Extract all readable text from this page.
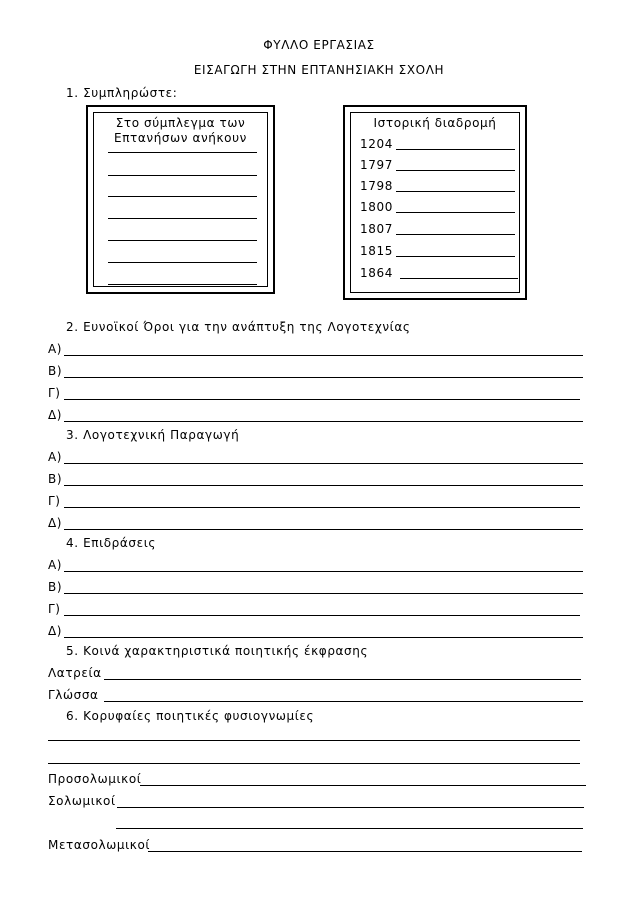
ΦΥΛΛΟ ΕΡΓΑΣΙΑΣ
ΕΙΣΑΓΩΓΗ ΣΤΗΝ ΕΠΤΑΝΗΣΙΑΚΗ ΣΧΟΛΗ
1. Συμπληρώστε:
Στο σύμπλεγμα των
Επτανήσων ανήκουν
Ιστορική διαδρομή
1204
1797
1798
1800
1807
1815
1864
2. Ευνοϊκοί Όροι για την ανάπτυξη της Λογοτεχνίας
Α)
Β)
Γ)
Δ)
3. Λογοτεχνική Παραγωγή
Α)
Β)
Γ)
Δ)
4. Επιδράσεις
Α)
Β)
Γ)
Δ)
5. Κοινά χαρακτηριστικά ποιητικής έκφρασης
Λατρεία
Γλώσσα
6. Κορυφαίες ποιητικές φυσιογνωμίες
Προσολωμικοί
Σολωμικοί
Μετασολωμικοί
